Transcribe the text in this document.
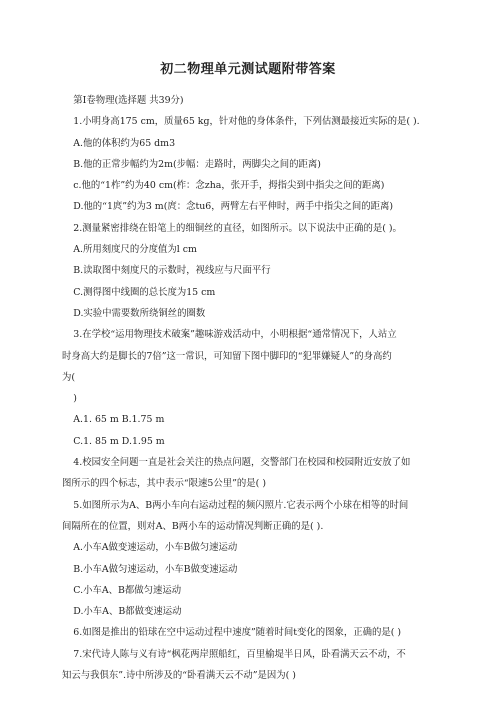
初二物理单元测试题附带答案
第Ⅰ卷物理(选择题 共39分)
1.小明身高175 cm，质量65 kg，针对他的身体条件，下列估测最接近实际的是( ).
A.他的体积约为65 dm3
B.他的正常步幅约为2m(步幅：走路时，两脚尖之间的距离)
c.他的“1柞”约为40 cm(柞：念zha，张开手，拇指尖到中指尖之间的距离)
D.他的“1庹”约为3 m(庹：念tu6，两臂左右平伸时，两手中指尖之间的距离)
2.测量紧密排绕在铅笔上的细铜丝的直径，如图所示。以下说法中正确的是( )。
A.所用刻度尺的分度值为l cm
B.读取图中刻度尺的示数时，视线应与尺面平行
C.测得图中线圈的总长度为15 cm
D.实验中需要数所绕铜丝的圈数
3.在学校“运用物理技术破案”趣味游戏活动中，小明根据“通常情况下，人站立
时身高大约是脚长的7倍”这一常识，可知留下图中脚印的“犯罪嫌疑人”的身高约
为(
)
A.1. 65 m B.1.75 m
C.1. 85 m D.1.95 m
4.校园安全问题一直是社会关注的热点问题，交警部门在校园和校园附近安放了如
图所示的四个标志，其中表示“限速5公里”的是( )
5.如图所示为A、B两小车向右运动过程的频闪照片.它表示两个小球在相等的时间
间隔所在的位置，则对A、B两小车的运动情况判断正确的是( ).
A.小车A做变速运动，小车B做匀速运动
B.小车A做匀速运动，小车B做变速运动
C.小车A、B都做匀速运动
D.小车A、B都做变速运动
6.如图是推出的铅球在空中运动过程中速度”随着时间t变化的图象，正确的是( )
7.宋代诗人陈与义有诗“枫花两岸照船红，百里榆堤半日风，卧看满天云不动，不
知云与我俱东”.诗中所涉及的“卧看满天云不动”是因为( )
